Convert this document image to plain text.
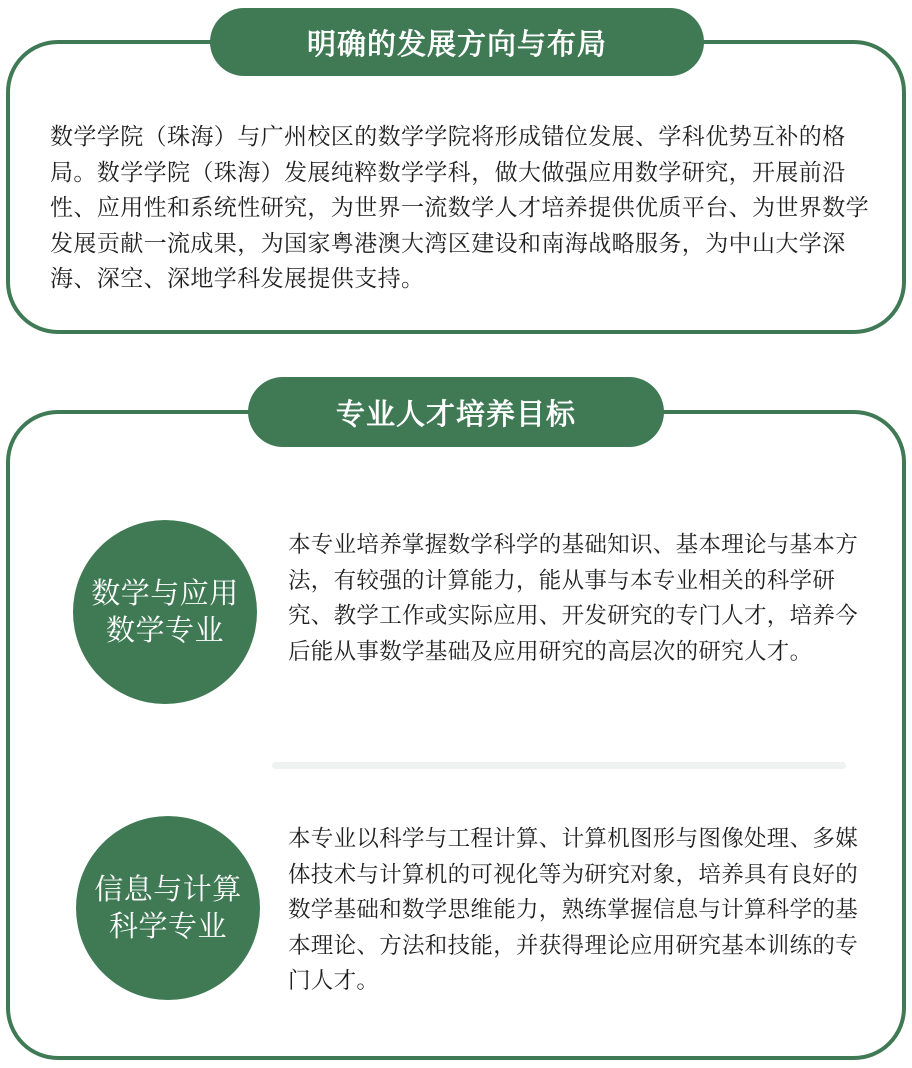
明确的发展方向与布局

数学学院（珠海）与广州校区的数学学院将形成错位发展、学科优势互补的格局。数学学院（珠海）发展纯粹数学学科，做大做强应用数学研究，开展前沿性、应用性和系统性研究，为世界一流数学人才培养提供优质平台、为世界数学发展贡献一流成果，为国家粤港澳大湾区建设和南海战略服务，为中山大学深海、深空、深地学科发展提供支持。

专业人才培养目标
数学与应用
数学专业

本专业培养掌握数学科学的基础知识、基本理论与基本方法，有较强的计算能力，能从事与本专业相关的科学研究、教学工作或实际应用、开发研究的专门人才，培养今后能从事数学基础及应用研究的高层次的研究人才。

信息与计算
科学专业

本专业以科学与工程计算、计算机图形与图像处理、多媒体技术与计算机的可视化等为研究对象，培养具有良好的数学基础和数学思维能力，熟练掌握信息与计算科学的基本理论、方法和技能，并获得理论应用研究基本训练的专门人才。
